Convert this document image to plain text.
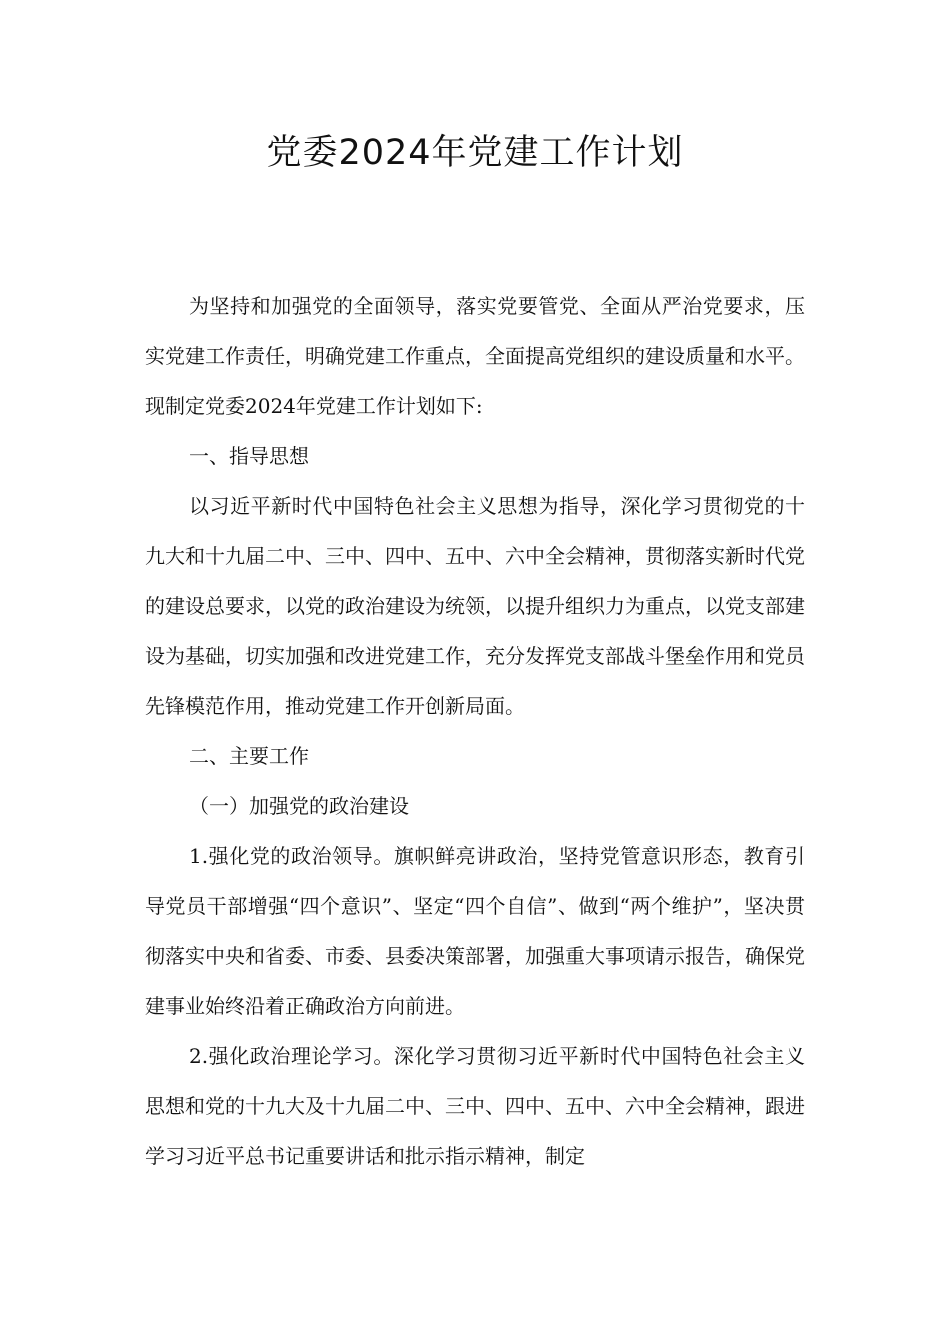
党委2024年党建工作计划

为坚持和加强党的全面领导，落实党要管党、全面从严治党要求，压实党建工作责任，明确党建工作重点，全面提高党组织的建设质量和水平。现制定党委2024年党建工作计划如下:

一、指导思想

以习近平新时代中国特色社会主义思想为指导，深化学习贯彻党的十九大和十九届二中、三中、四中、五中、六中全会精神，贯彻落实新时代党的建设总要求，以党的政治建设为统领，以提升组织力为重点，以党支部建设为基础，切实加强和改进党建工作，充分发挥党支部战斗堡垒作用和党员先锋模范作用，推动党建工作开创新局面。

二、主要工作

（一）加强党的政治建设

1.强化党的政治领导。旗帜鲜亮讲政治，坚持党管意识形态，教育引导党员干部增强“四个意识”、坚定“四个自信”、做到“两个维护”，坚决贯彻落实中央和省委、市委、县委决策部署，加强重大事项请示报告，确保党建事业始终沿着正确政治方向前进。

2.强化政治理论学习。深化学习贯彻习近平新时代中国特色社会主义思想和党的十九大及十九届二中、三中、四中、五中、六中全会精神，跟进学习习近平总书记重要讲话和批示指示精神，制定
